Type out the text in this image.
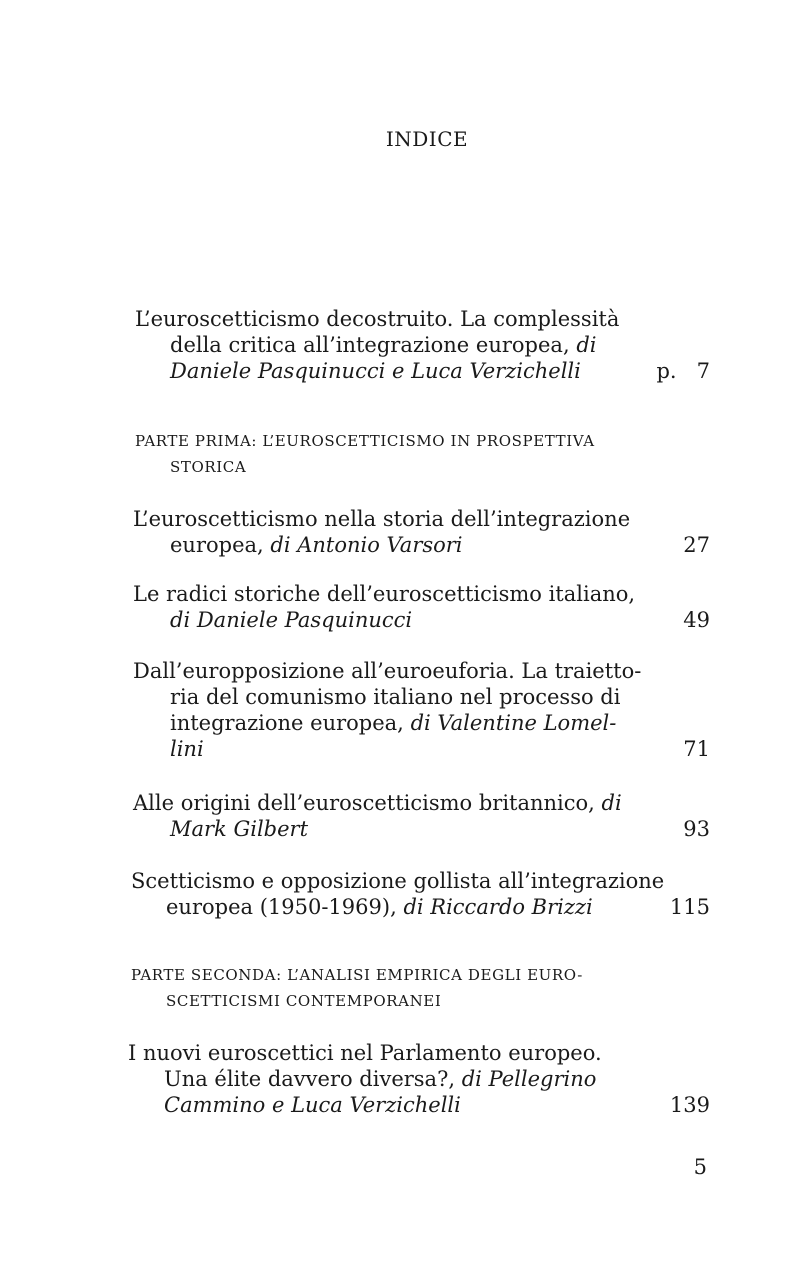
INDICE
L’euroscetticismo decostruito. La complessità
della critica all’integrazione europea, di
Daniele Pasquinucci e Luca Verzichelli	p. 7
PARTE PRIMA: L’EUROSCETTICISMO IN PROSPETTIVA
STORICA
L’euroscetticismo nella storia dell’integrazione
europea, di Antonio Varsori	27
Le radici storiche dell’euroscetticismo italiano,
di Daniele Pasquinucci	49
Dall’europposizione all’euroeuforia. La traietto-
ria del comunismo italiano nel processo di
integrazione europea, di Valentine Lomel-
lini	71
Alle origini dell’euroscetticismo britannico, di
Mark Gilbert	93
Scetticismo e opposizione gollista all’integrazione
europea (1950-1969), di Riccardo Brizzi	115
PARTE SECONDA: L’ANALISI EMPIRICA DEGLI EURO-
SCETTICISMI CONTEMPORANEI
I nuovi euroscettici nel Parlamento europeo.
Una élite davvero diversa?, di Pellegrino
Cammino e Luca Verzichelli	139
5
